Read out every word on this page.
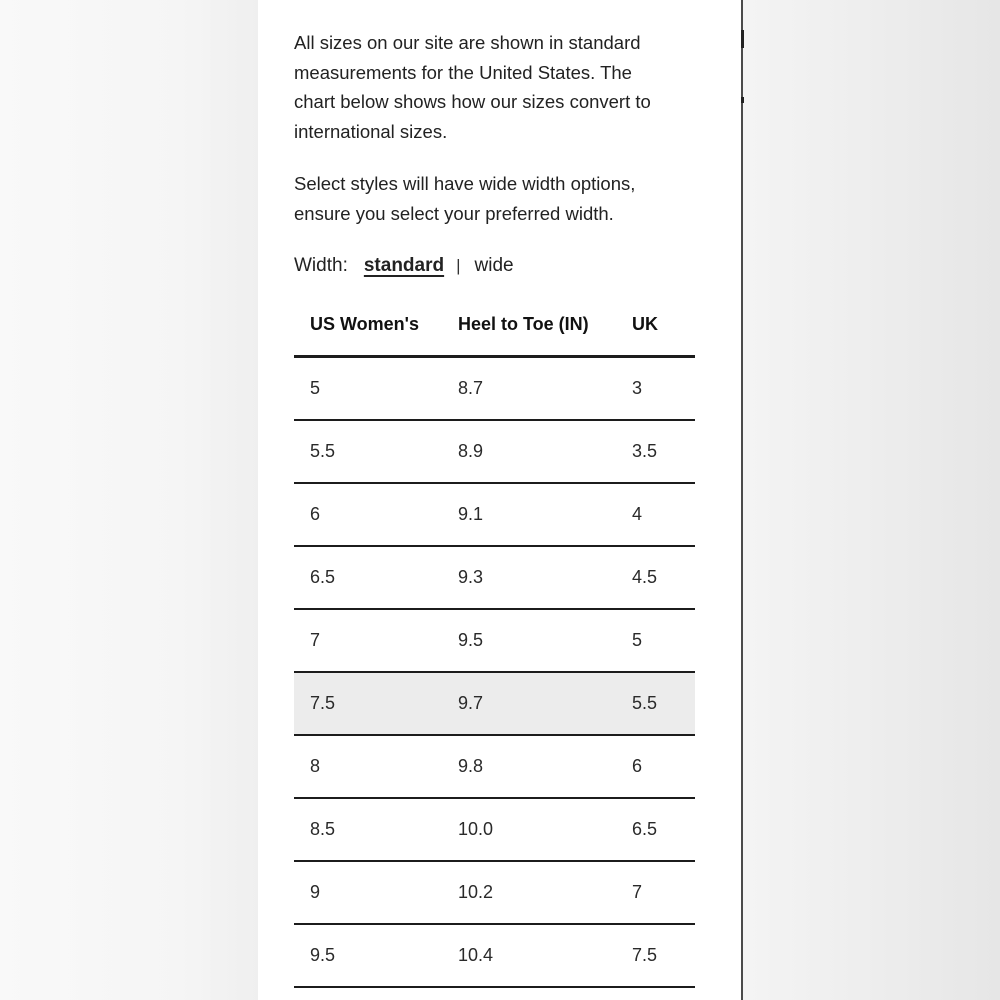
All sizes on our site are shown in standard
measurements for the United States. The
chart below shows how our sizes convert to
international sizes.

Select styles will have wide width options,
ensure you select your preferred width.

Width: standard | wide
US Women's	Heel to Toe (IN)	UK
5	8.7	3
5.5	8.9	3.5
6	9.1	4
6.5	9.3	4.5
7	9.5	5
7.5	9.7	5.5
8	9.8	6
8.5	10.0	6.5
9	10.2	7
9.5	10.4	7.5
